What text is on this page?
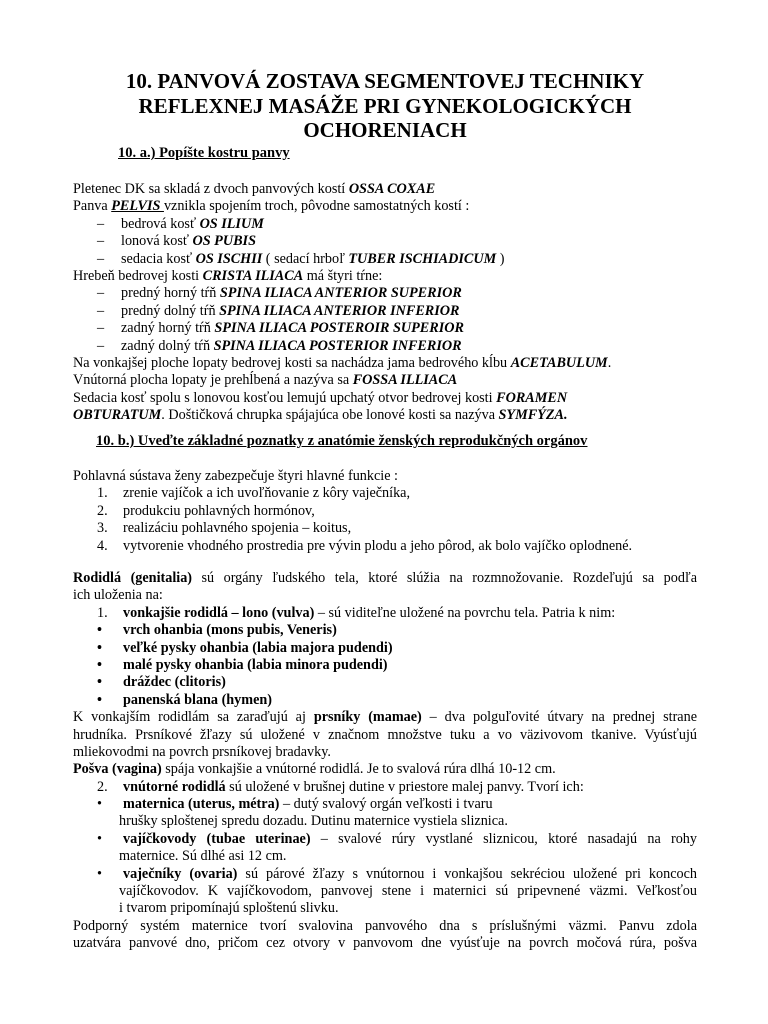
10. PANVOVÁ ZOSTAVA SEGMENTOVEJ TECHNIKY
REFLEXNEJ MASÁŽE PRI GYNEKOLOGICKÝCH
OCHORENIACH
10. a.) Popíšte kostru panvy
Pletenec DK sa skladá z dvoch panvových kostí OSSA COXAE
Panva PELVIS vznikla spojením troch, pôvodne samostatných kostí :
– bedrová kosť OS ILIUM
– lonová kosť OS PUBIS
– sedacia kosť OS ISCHII ( sedací hrboľ TUBER ISCHIADICUM )
Hrebeň bedrovej kosti CRISTA ILIACA má štyri tŕne:
– predný horný tŕň SPINA ILIACA ANTERIOR SUPERIOR
– predný dolný tŕň SPINA ILIACA ANTERIOR INFERIOR
– zadný horný tŕň SPINA ILIACA POSTEROIR SUPERIOR
– zadný dolný tŕň SPINA ILIACA POSTERIOR INFERIOR
Na vonkajšej ploche lopaty bedrovej kosti sa nachádza jama bedrového kĺbu ACETABULUM.
Vnútorná plocha lopaty je prehĺbená a nazýva sa FOSSA ILLIACA
Sedacia kosť spolu s lonovou kosťou lemujú upchatý otvor bedrovej kosti FORAMEN
OBTURATUM. Doštičková chrupka spájajúca obe lonové kosti sa nazýva SYMFÝZA.
10. b.) Uveďte základné poznatky z anatómie ženských reprodukčných orgánov
Pohlavná sústava ženy zabezpečuje štyri hlavné funkcie :
1. zrenie vajíčok a ich uvoľňovanie z kôry vaječníka,
2. produkciu pohlavných hormónov,
3. realizáciu pohlavného spojenia – koitus,
4. vytvorenie vhodného prostredia pre vývin plodu a jeho pôrod, ak bolo vajíčko oplodnené.
Rodidlá (genitalia) sú orgány ľudského tela, ktoré slúžia na rozmnožovanie. Rozdeľujú sa podľa
ich uloženia na:
1. vonkajšie rodidlá – lono (vulva) – sú viditeľne uložené na povrchu tela. Patria k nim:
• vrch ohanbia (mons pubis, Veneris)
• veľké pysky ohanbia (labia majora pudendi)
• malé pysky ohanbia (labia minora pudendi)
• dráždec (clitoris)
• panenská blana (hymen)
K vonkajším rodidlám sa zaraďujú aj prsníky (mamae) – dva polguľovité útvary na prednej strane
hrudníka. Prsníkové žľazy sú uložené v značnom množstve tuku a vo väzivovom tkanive. Vyúsťujú
mliekovodmi na povrch prsníkovej bradavky.
Pošva (vagina) spája vonkajšie a vnútorné rodidlá. Je to svalová rúra dlhá 10-12 cm.
2. vnútorné rodidlá sú uložené v brušnej dutine v priestore malej panvy. Tvorí ich:
• maternica (uterus, métra) – dutý svalový orgán veľkosti i tvaru
hrušky sploštenej spredu dozadu. Dutinu maternice vystiela sliznica.
• vajíčkovody (tubae uterinae) – svalové rúry vystlané sliznicou, ktoré nasadajú na rohy
maternice. Sú dlhé asi 12 cm.
• vaječníky (ovaria) sú párové žľazy s vnútornou i vonkajšou sekréciou uložené pri koncoch
vajíčkovodov. K vajíčkovodom, panvovej stene i maternici sú pripevnené väzmi. Veľkosťou
i tvarom pripomínajú sploštenú slivku.
Podporný systém maternice tvorí svalovina panvového dna s príslušnými väzmi. Panvu zdola
uzatvára panvové dno, pričom cez otvory v panvovom dne vyúsťuje na povrch močová rúra, pošva
